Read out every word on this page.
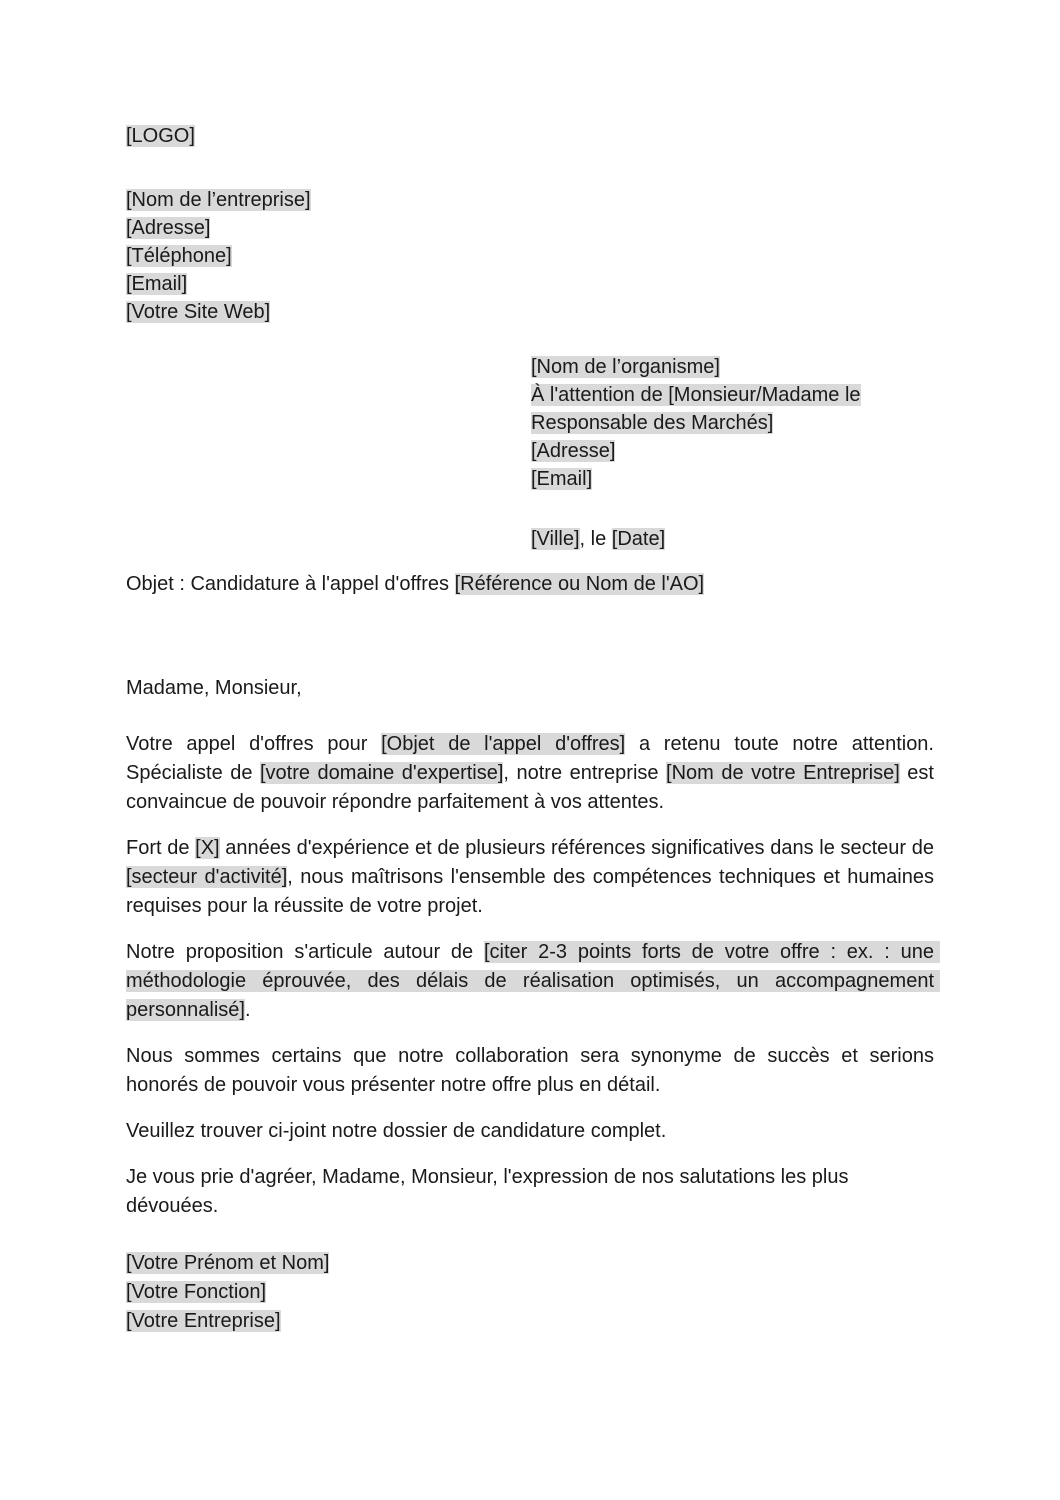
[LOGO]
[Nom de l’entreprise]
[Adresse]
[Téléphone]
[Email]
[Votre Site Web]
[Nom de l’organisme]
À l'attention de [Monsieur/Madame le
Responsable des Marchés]
[Adresse]
[Email]
[Ville], le [Date]
Objet : Candidature à l'appel d'offres [Référence ou Nom de l'AO]
Madame, Monsieur,

Votre appel d'offres pour [Objet de l'appel d'offres] a retenu toute notre attention. Spécialiste de [votre domaine d'expertise], notre entreprise [Nom de votre Entreprise] est convaincue de pouvoir répondre parfaitement à vos attentes.

Fort de [X] années d'expérience et de plusieurs références significatives dans le secteur de [secteur d'activité], nous maîtrisons l'ensemble des compétences techniques et humaines requises pour la réussite de votre projet.

Notre proposition s'articule autour de [citer 2-3 points forts de votre offre : ex. : une méthodologie éprouvée, des délais de réalisation optimisés, un accompagnement personnalisé].

Nous sommes certains que notre collaboration sera synonyme de succès et serions honorés de pouvoir vous présenter notre offre plus en détail.

Veuillez trouver ci-joint notre dossier de candidature complet.

Je vous prie d'agréer, Madame, Monsieur, l'expression de nos salutations les plus dévouées.

[Votre Prénom et Nom]
[Votre Fonction]
[Votre Entreprise]
